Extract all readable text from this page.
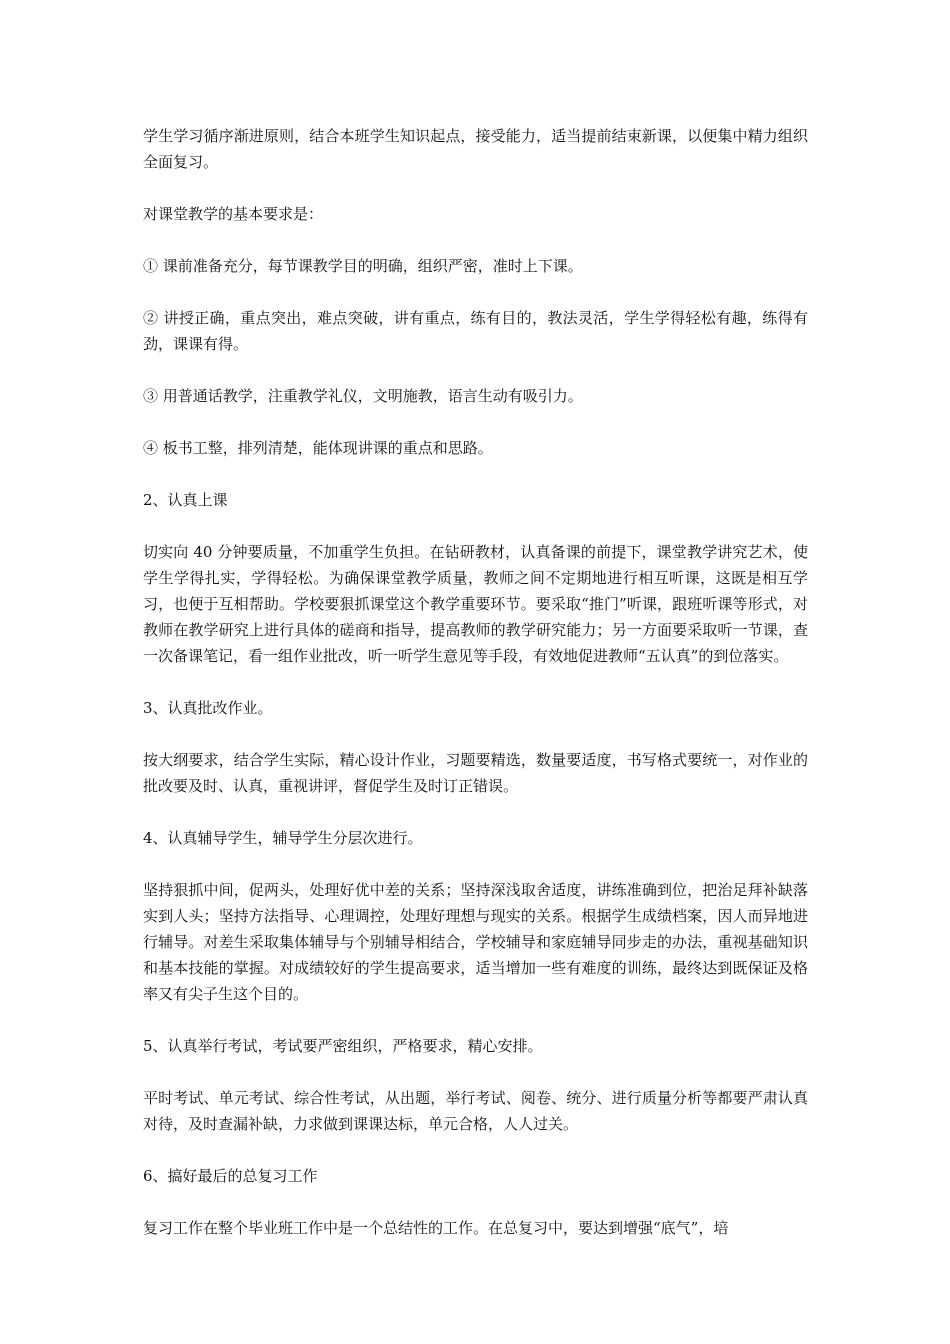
学生学习循序渐进原则，结合本班学生知识起点，接受能力，适当提前结束新课，以便集中精力组织全面复习。

对课堂教学的基本要求是：

① 课前准备充分，每节课教学目的明确，组织严密，准时上下课。

② 讲授正确，重点突出，难点突破，讲有重点，练有目的，教法灵活，学生学得轻松有趣，练得有劲，课课有得。

③ 用普通话教学，注重教学礼仪，文明施教，语言生动有吸引力。

④ 板书工整，排列清楚，能体现讲课的重点和思路。

2、认真上课

切实向 40 分钟要质量，不加重学生负担。在钻研教材，认真备课的前提下，课堂教学讲究艺术，使学生学得扎实，学得轻松。为确保课堂教学质量，教师之间不定期地进行相互听课，这既是相互学习，也便于互相帮助。学校要狠抓课堂这个教学重要环节。要采取“推门”听课，跟班听课等形式，对教师在教学研究上进行具体的磋商和指导，提高教师的教学研究能力；另一方面要采取听一节课，查一次备课笔记，看一组作业批改，听一听学生意见等手段，有效地促进教师“五认真”的到位落实。

3、认真批改作业。

按大纲要求，结合学生实际，精心设计作业，习题要精选，数量要适度，书写格式要统一，对作业的批改要及时、认真，重视讲评，督促学生及时订正错误。

4、认真辅导学生，辅导学生分层次进行。

坚持狠抓中间，促两头，处理好优中差的关系；坚持深浅取舍适度，讲练准确到位，把治足拜补缺落实到人头；坚持方法指导、心理调控，处理好理想与现实的关系。根据学生成绩档案，因人而异地进行辅导。对差生采取集体辅导与个别辅导相结合，学校辅导和家庭辅导同步走的办法，重视基础知识和基本技能的掌握。对成绩较好的学生提高要求，适当增加一些有难度的训练，最终达到既保证及格率又有尖子生这个目的。

5、认真举行考试，考试要严密组织，严格要求，精心安排。

平时考试、单元考试、综合性考试，从出题，举行考试、阅卷、统分、进行质量分析等都要严肃认真对待，及时查漏补缺，力求做到课课达标，单元合格，人人过关。

6、搞好最后的总复习工作

复习工作在整个毕业班工作中是一个总结性的工作。在总复习中，要达到增强“底气”，培
